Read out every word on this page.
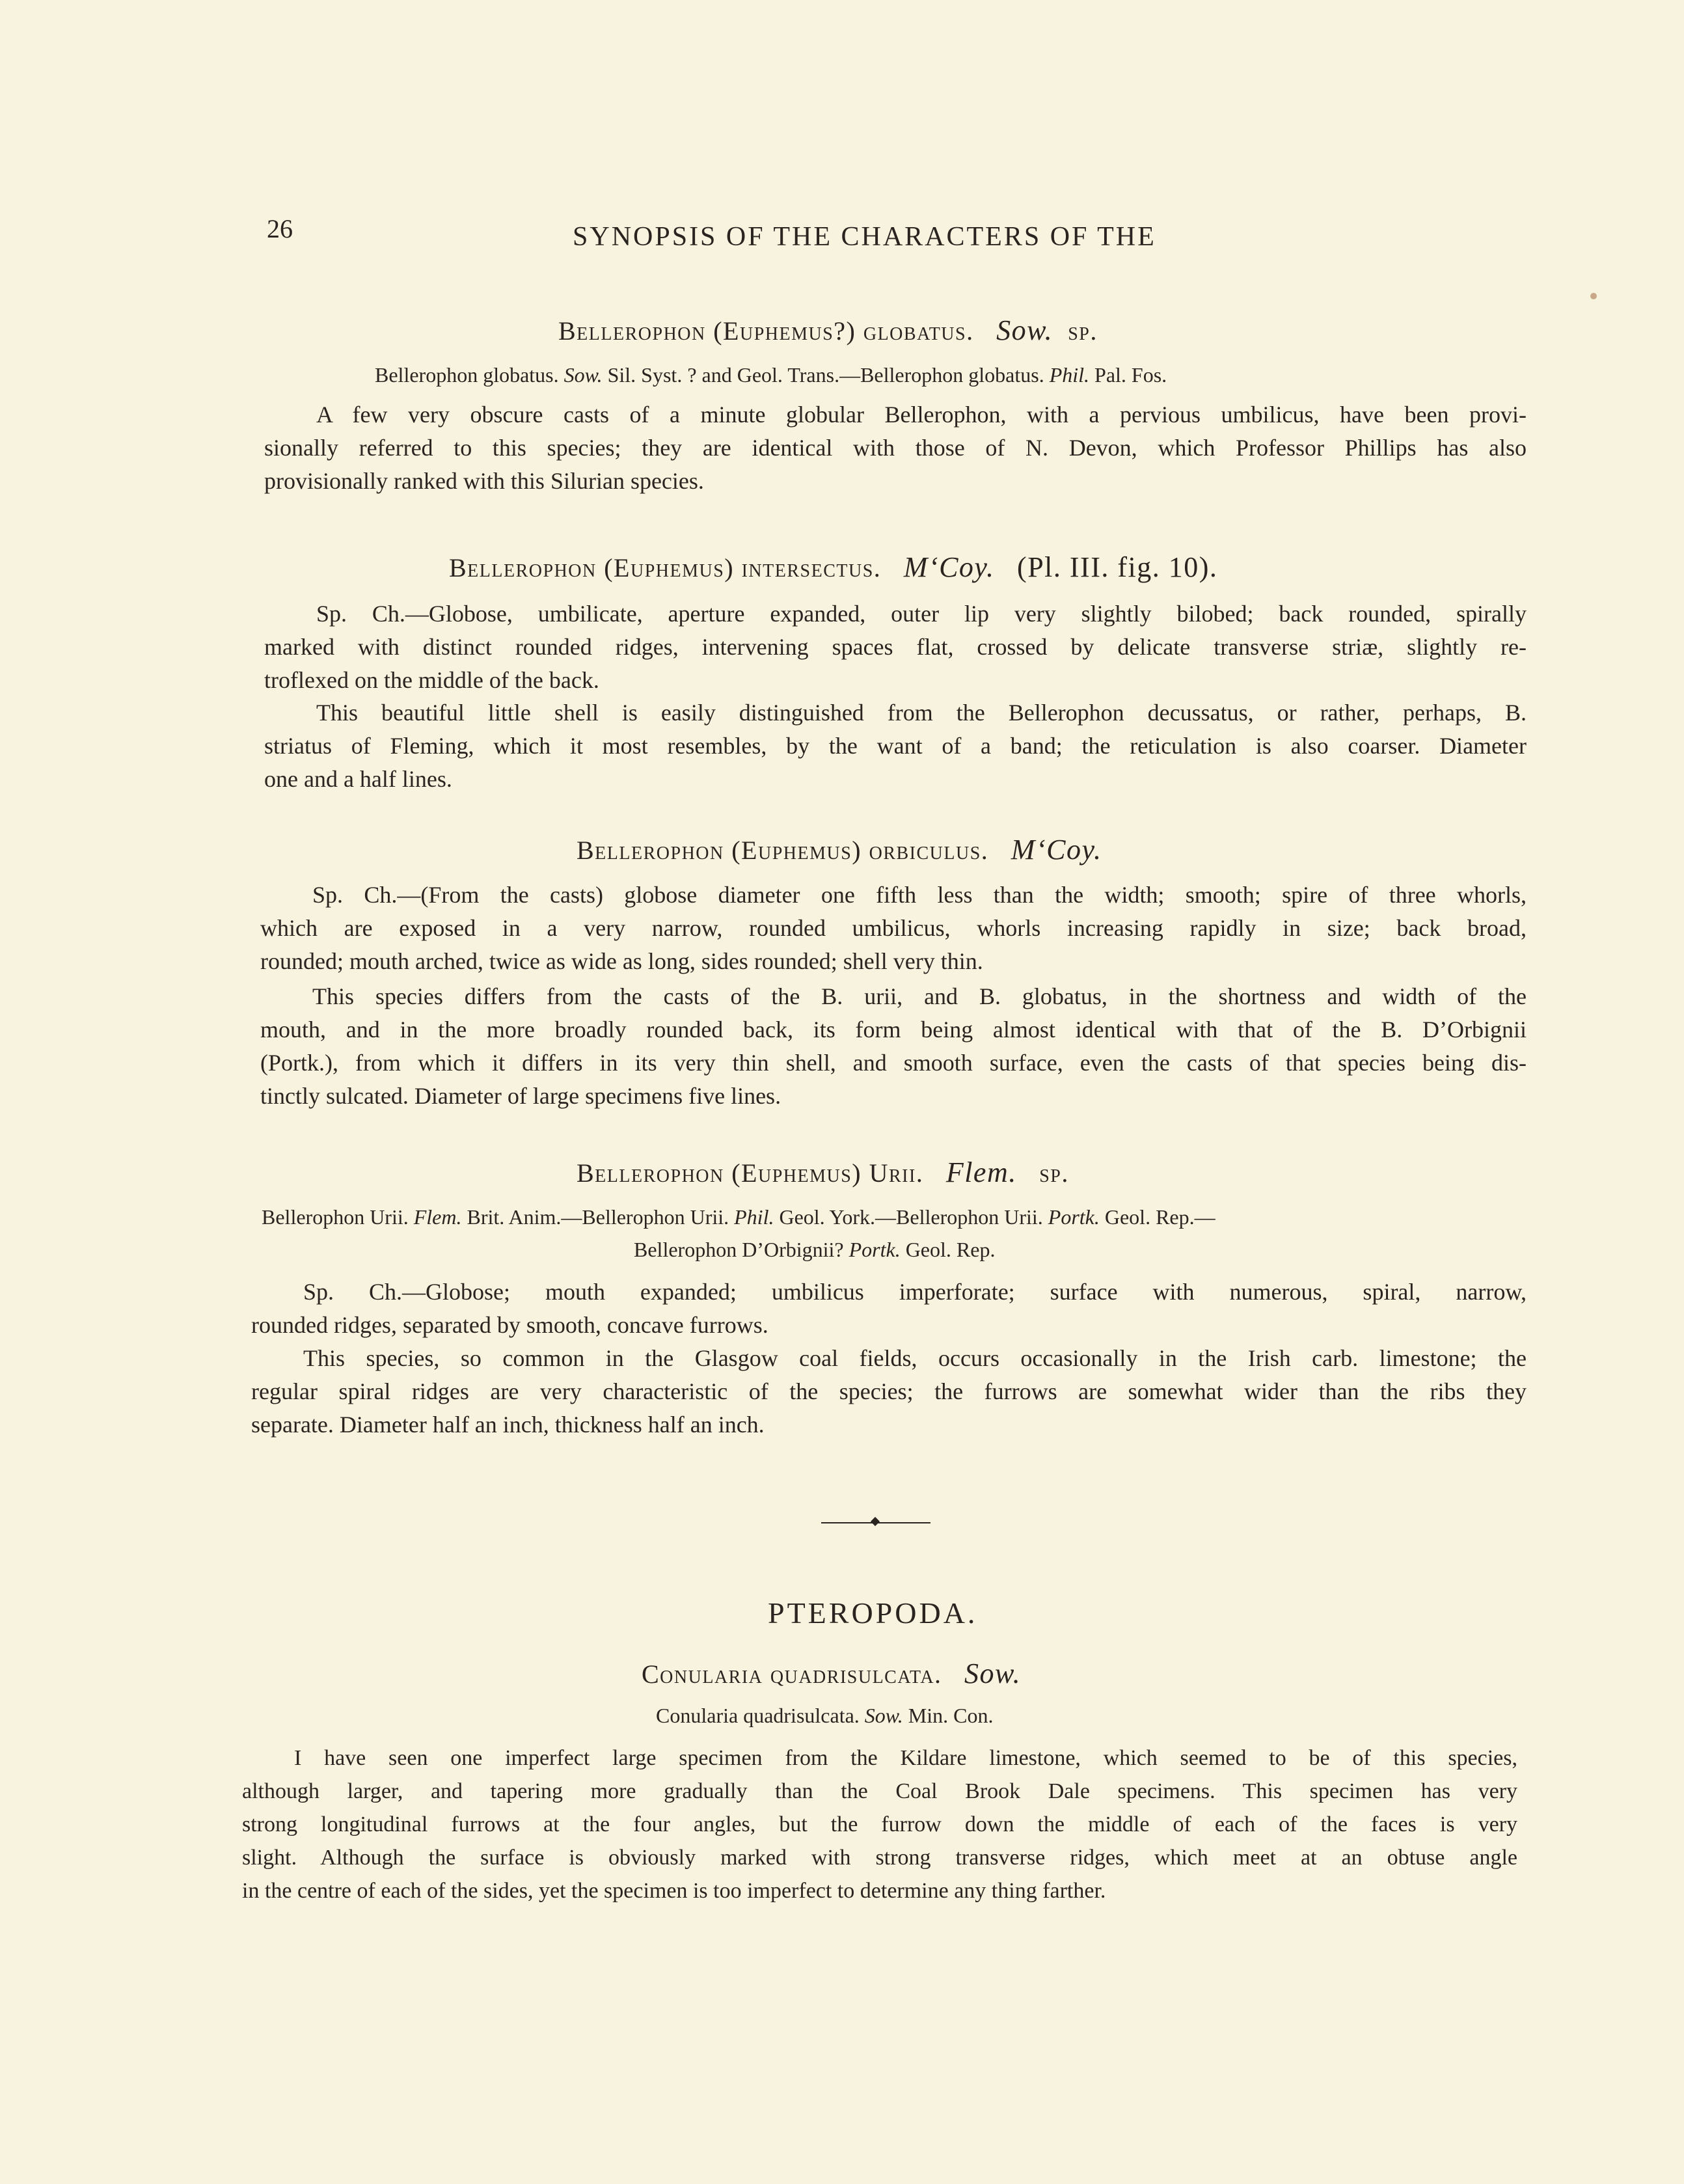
26	SYNOPSIS OF THE CHARACTERS OF THE
Bellerophon (Euphemus?) globatus. Sow. sp.
Bellerophon globatus. Sow. Sil. Syst. ? and Geol. Trans.—Bellerophon globatus. Phil. Pal. Fos.
A few very obscure casts of a minute globular Bellerophon, with a pervious umbilicus, have been provi-
sionally referred to this species; they are identical with those of N. Devon, which Professor Phillips has also
provisionally ranked with this Silurian species.
Bellerophon (Euphemus) intersectus. M‘Coy. (Pl. III. fig. 10).
Sp. Ch.—Globose, umbilicate, aperture expanded, outer lip very slightly bilobed; back rounded, spirally
marked with distinct rounded ridges, intervening spaces flat, crossed by delicate transverse striæ, slightly re-
troflexed on the middle of the back.
This beautiful little shell is easily distinguished from the Bellerophon decussatus, or rather, perhaps, B.
striatus of Fleming, which it most resembles, by the want of a band; the reticulation is also coarser. Diameter
one and a half lines.
Bellerophon (Euphemus) orbiculus. M‘Coy.
Sp. Ch.—(From the casts) globose diameter one fifth less than the width; smooth; spire of three whorls,
which are exposed in a very narrow, rounded umbilicus, whorls increasing rapidly in size; back broad,
rounded; mouth arched, twice as wide as long, sides rounded; shell very thin.
This species differs from the casts of the B. urii, and B. globatus, in the shortness and width of the
mouth, and in the more broadly rounded back, its form being almost identical with that of the B. D’Orbignii
(Portk.), from which it differs in its very thin shell, and smooth surface, even the casts of that species being dis-
tinctly sulcated. Diameter of large specimens five lines.
Bellerophon (Euphemus) Urii. Flem. sp.
Bellerophon Urii. Flem. Brit. Anim.—Bellerophon Urii. Phil. Geol. York.—Bellerophon Urii. Portk. Geol. Rep.—
Bellerophon D’Orbignii? Portk. Geol. Rep.
Sp. Ch.—Globose; mouth expanded; umbilicus imperforate; surface with numerous, spiral, narrow,
rounded ridges, separated by smooth, concave furrows.
This species, so common in the Glasgow coal fields, occurs occasionally in the Irish carb. limestone; the
regular spiral ridges are very characteristic of the species; the furrows are somewhat wider than the ribs they
separate. Diameter half an inch, thickness half an inch.
PTEROPODA.
Conularia quadrisulcata. Sow.
Conularia quadrisulcata. Sow. Min. Con.
I have seen one imperfect large specimen from the Kildare limestone, which seemed to be of this species,
although larger, and tapering more gradually than the Coal Brook Dale specimens. This specimen has very
strong longitudinal furrows at the four angles, but the furrow down the middle of each of the faces is very
slight. Although the surface is obviously marked with strong transverse ridges, which meet at an obtuse angle
in the centre of each of the sides, yet the specimen is too imperfect to determine any thing farther.
